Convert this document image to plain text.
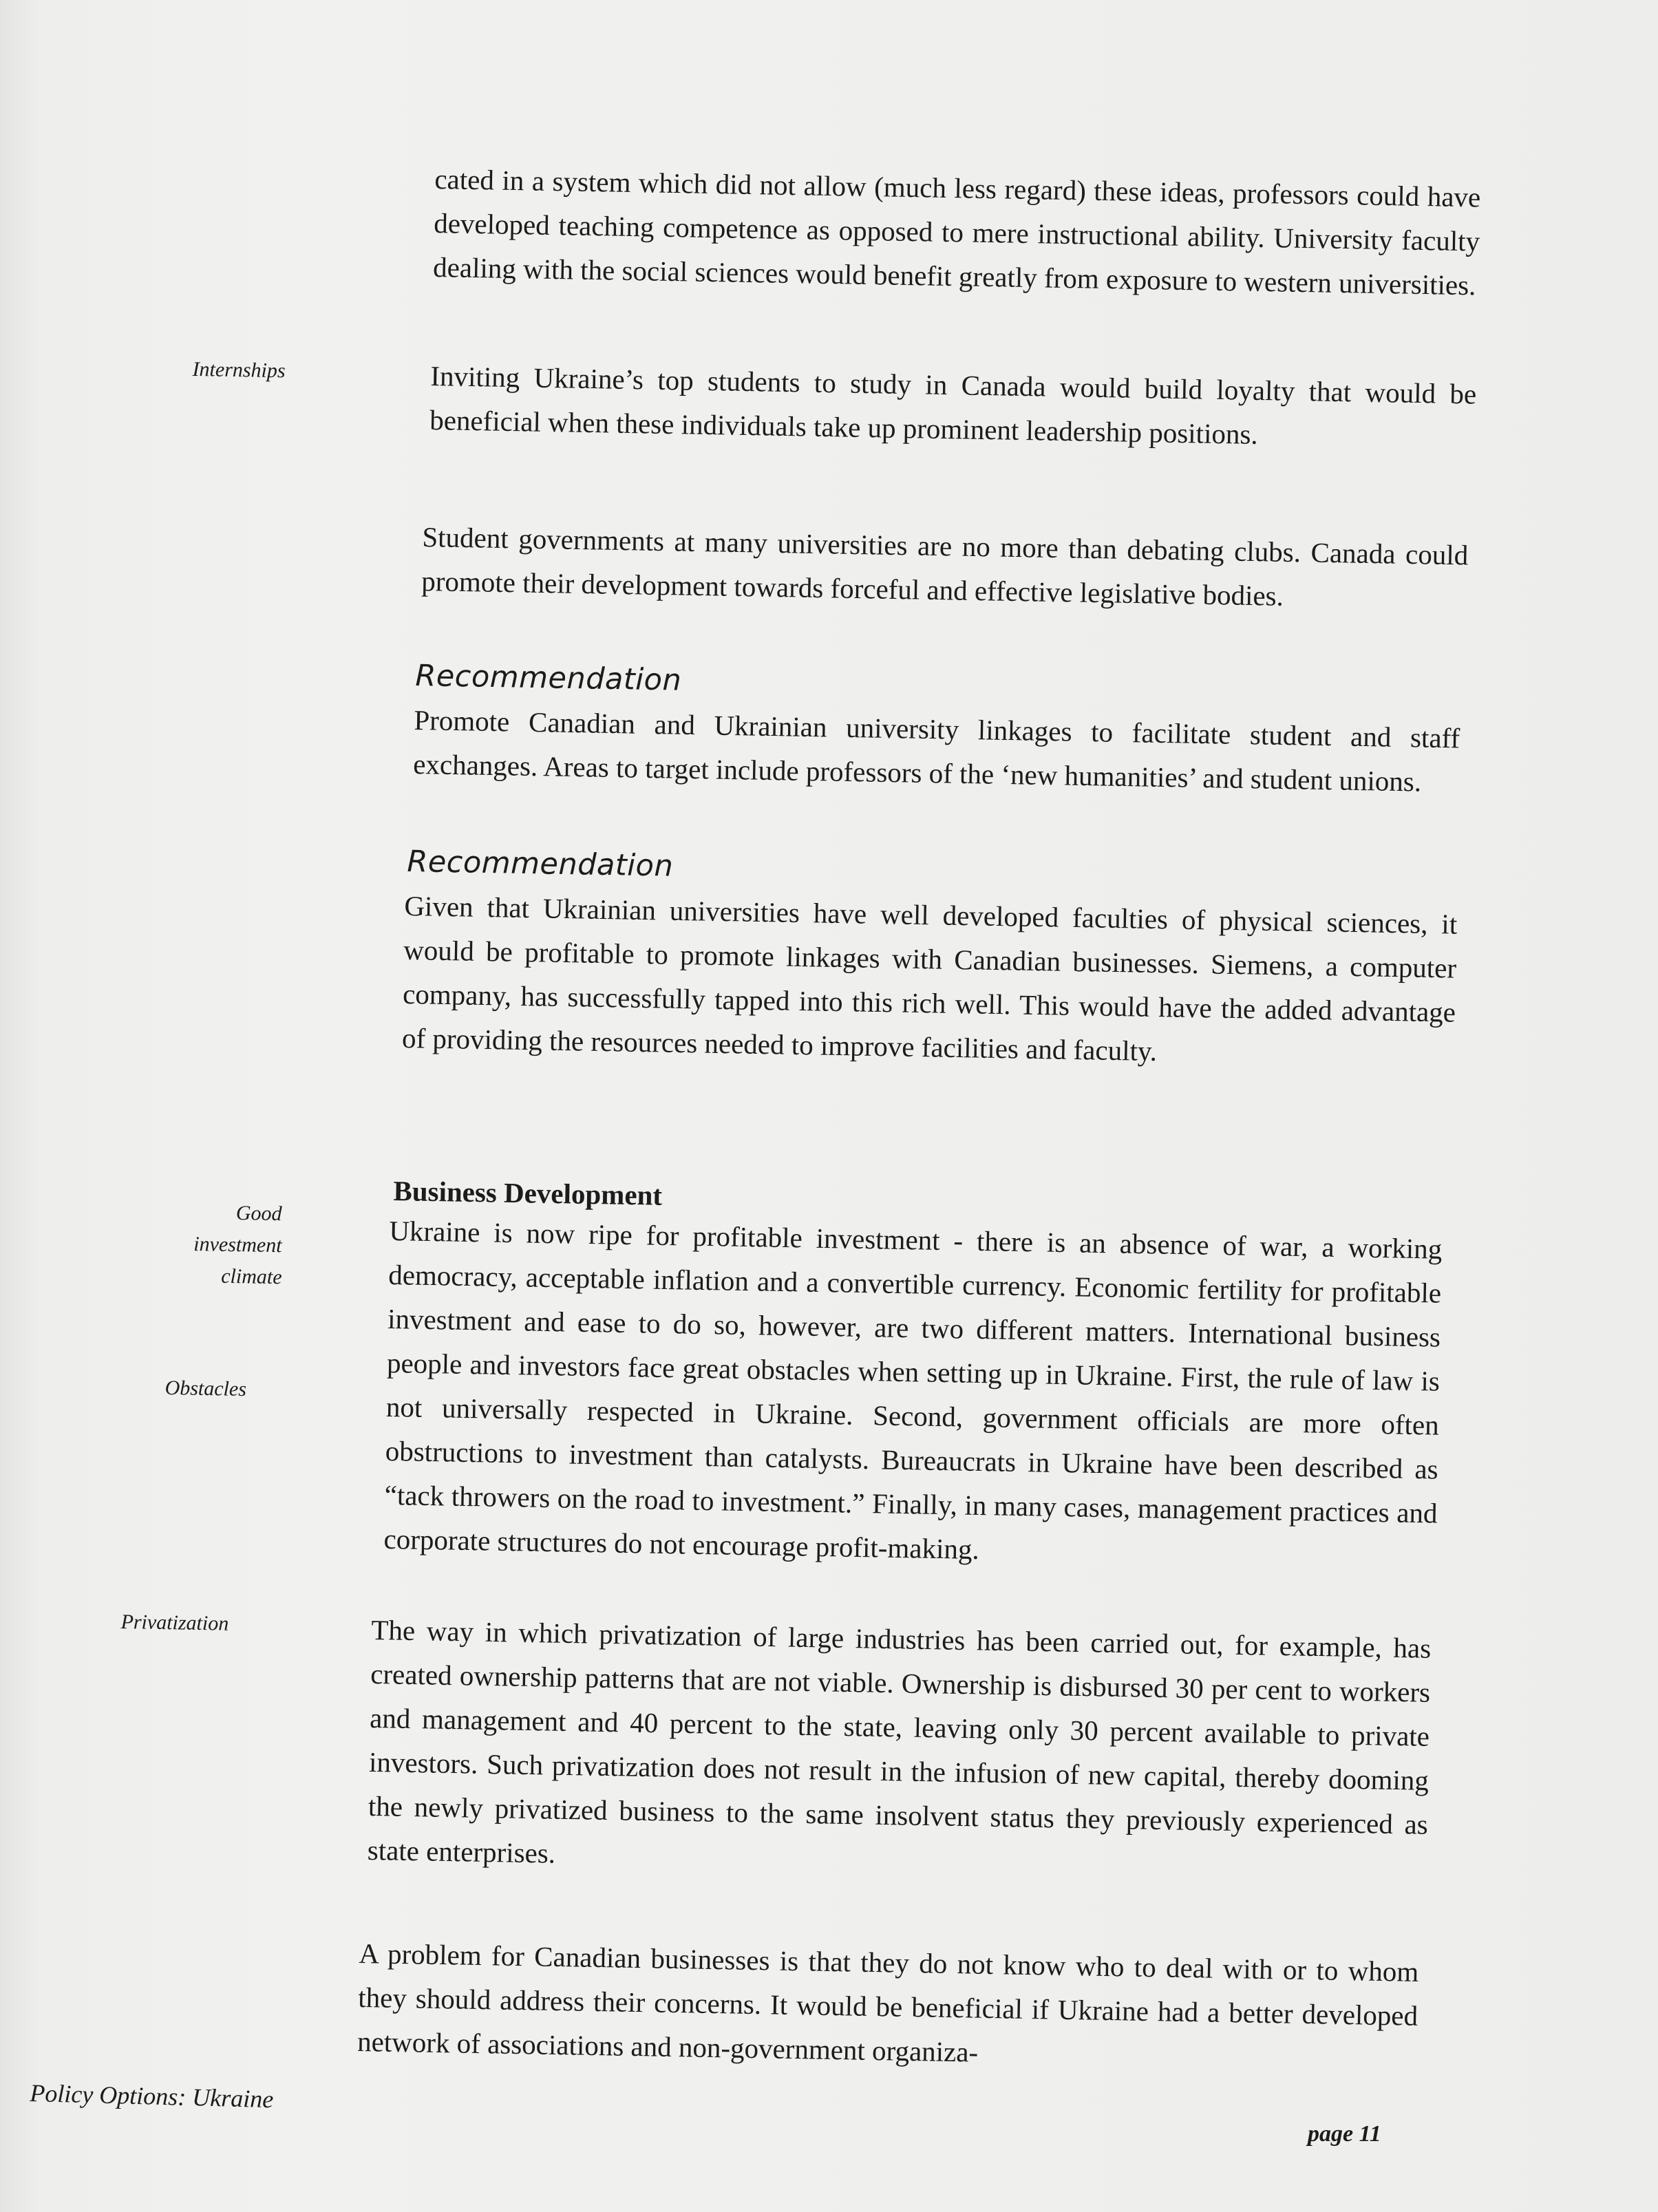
cated in a system which did not allow (much less regard) these ideas, professors could have developed teaching competence as opposed to mere instructional ability. University faculty dealing with the social sciences would benefit greatly from exposure to western universities.

Internships	Inviting Ukraine’s top students to study in Canada would build loyalty that would be beneficial when these individuals take up prominent leadership positions.

Student governments at many universities are no more than debating clubs. Canada could promote their development towards forceful and effective legislative bodies.

Recommendation

Promote Canadian and Ukrainian university linkages to facilitate student and staff exchanges. Areas to target include professors of the ‘new humanities’ and student unions.

Recommendation

Given that Ukrainian universities have well developed faculties of physical sciences, it would be profitable to promote linkages with Canadian businesses. Siemens, a computer company, has successfully tapped into this rich well. This would have the added advantage of providing the resources needed to improve facilities and faculty.

Business Development

Good

investment

climate

Ukraine is now ripe for profitable investment - there is an absence of war, a working democracy, acceptable inflation and a convertible currency. Economic fertility for profitable investment and ease to do so, however, are two different matters. International business people and investors face great obstacles when setting up in Ukraine. First, the rule of law is not universally respected in Ukraine. Second, government officials are more often obstructions to investment than catalysts. Bureaucrats in Ukraine have been described as “tack throwers on the road to investment.” Finally, in many cases, management practices and corporate structures do not encourage profit-making.

Obstacles

Privatization	The way in which privatization of large industries has been carried out, for example, has created ownership patterns that are not viable. Ownership is disbursed 30 per cent to workers and management and 40 percent to the state, leaving only 30 percent available to private investors. Such privatization does not result in the infusion of new capital, thereby dooming the newly privatized business to the same insolvent status they previously experienced as state enterprises.

A problem for Canadian businesses is that they do not know who to deal with or to whom they should address their concerns. It would be beneficial if Ukraine had a better developed network of associations and non-government organiza-

Policy Options: Ukraine

page 11
